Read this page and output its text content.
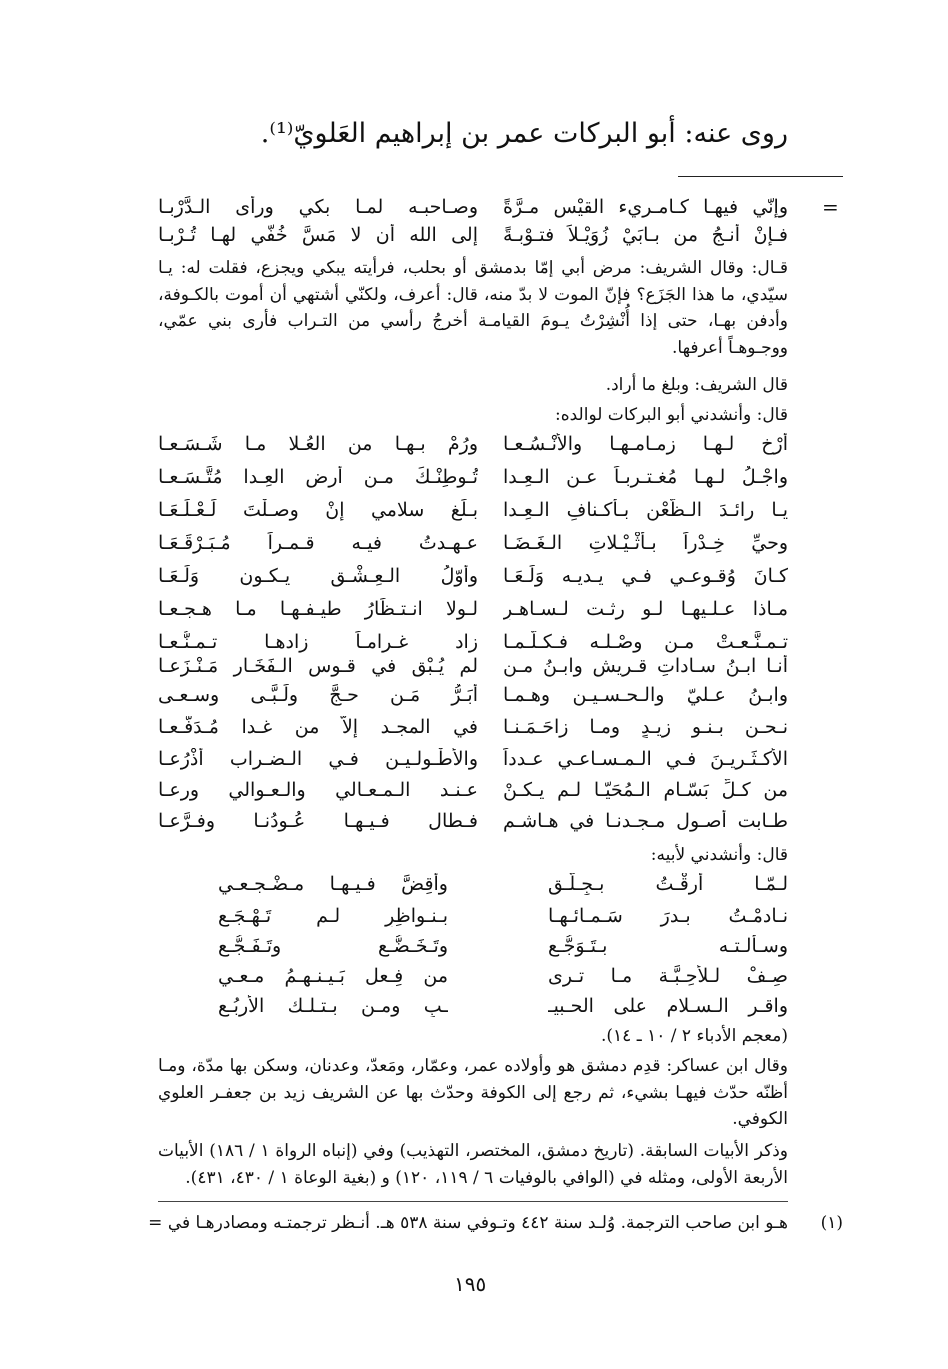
روى عنه: أبو البركات عمر بن إبراهيم العَلويّ⁽¹⁾.
=
وإنّي فيهـا كـامـريء القيْس مـرَّةً
وصـاحبـه لمـا بكي ورأى الـدَّرْبـا
فـإنْ أنـجُ من بـابَيْ زُوَيْـلاَ فتـوْبـةً
إلى الله أن لا مَسَّ خُفّي لهـا تُـرْبـا
قـال: وقال الشريف: مرض أبي إمّا بدمشق أو بحلب، فرأيته يبكي ويجزع، فقلت له: يـا سيّدي، ما هذا الجَزَع؟ فإنّ الموت لا بدّ منه، قال: أعرف، ولكنّي أشتهي أن أموت بالكـوفة، وأدفن بهـا، حتى إذا أُنْشِرْتُ يـومَ القيامـة أخرجُ رأسي من التـراب فأرى بني عمّي، ووجـوهـاً أعرفها.
قال الشريف: وبلغ ما أراد.
قال: وأنشدني أبو البركات لوالده:
أرْخ لـهـا زمـامـهـا والأنْـسُـعـا
ورُمْ بـهـا من العُـلا مـا شَـسَـعـا
واجْـلُ لـهـا مُغـتـربـاً عـن الـعِـدا
تُـوطِنْـكَ مـن أرض العِـدا مُتَّـسَـعـا
يـا رائـدَ الـظَّعْنِ بـأكـنافِ الـعِـدا
بـلِّغ سلامي إنْ وصـلْتَ لَـعْـلَـعَـا
وحيِّ خِـدْراً بـأثْـيْـلاتِ الـغَـضَـا
عـهـدتُ فيـه قـمـراً مُـبَـرْقَـعَـا
كـانَ وُقـوعـي فـي يـديـه وَلَـعَـا
وأوّلُ الـعِـشْـقِ يـكـون وَلَـعَـا
مـاذا عـلـيهـا لـو رثـت لـسـاهـرٍ
لـولا انـتـظَارُ طيـفـهـا مـا هـجـعـا
تـمـنَّـعـتْ مـن وصْـلـه فـكـلّـمـا
زاد غـرامـاً زادهـا تـمـنُّـعـا
أنـا ابـنُ سـاداتِ قـريشٍ وابـنُ مـن
لم يُـبْقِ في قـوس الـفَخَـار مَـنْـزَعـا
وابـنُ عـليّ والـحـسـيـنِ وهـمـا
أبَـرُّ مَـن حـجَّ ولَـبَّـى وسـعـى
نـحـن بـنـو زيـدٍ ومـا زاحَـمَـنـا
في المجـد إلاّ من غـدا مُـدَفَّـعـا
الأكـثَـريـنَ فـي الـمـسـاعـي عـدداً
والأطْـولـيـن فـي الـضـراب أذْرُعـا
من كـلِّ بَسّـام الـمُحَيّـا لـم يـكـنْ
عـنـد الـمـعـالي والـعـوالي ورعـا
طـابت أصـول مـجـدنـا في هـاشـمٍ
فـطال فـيـهـا عُـودُنـا وفـرَّعـا
قال: وأنشدني لأبيه:
لـمّـا أرِقْـتُ بـجِـلَّـقٍ
وأقِضَّ فـيـهـا مـضْـجـعـي
نـادمْـتُ بـدرَ سَـمـائـهـا
بـنـواظِرٍ لـم تَـهْـجَـع
وسـألـتـه بـتَـوَجُّـعٍ
وتَـخَـضُّـعٍ وتَـفَـجُّـعِ
صِـفْ لـلأحِـبَّـة مـا تـرى
من فِـعل بَـيـنـهـمُ مـعـي
واقـر الـسـلام على الحـبيـ
ـبِ ومـن بـتـلـك الأربُـعِ
(معجم الأدباء ٢ / ١٠ ـ ١٤).
وقال ابن عساكر: قدِم دمشق هو وأولاده عمر، وعمّار، ومَعدّ، وعدنان، وسكن بها مدّة، ومـا أظنّه حدّث فيهـا بشيء، ثم رجع إلى الكوفة وحدّث بها عن الشريف زيد بن جعفـر العلوي الكوفي.
وذكر الأبيات السابقة. (تاريخ دمشق، المختصر، التهذيب) وفي (إنباه الرواة ١ / ١٨٦) الأبيات الأربعة الأولى، ومثله في (الوافي بالوفيات ٦ / ١١٩، ١٢٠) و (بغية الوعاة ١ / ٤٣٠، ٤٣١).
(١)هـو ابن صاحب الترجمة. وُلـد سنة ٤٤٢ وتـوفي سنة ٥٣٨ هـ. أنـظر ترجمتـه ومصادرهـا في =
١٩٥
